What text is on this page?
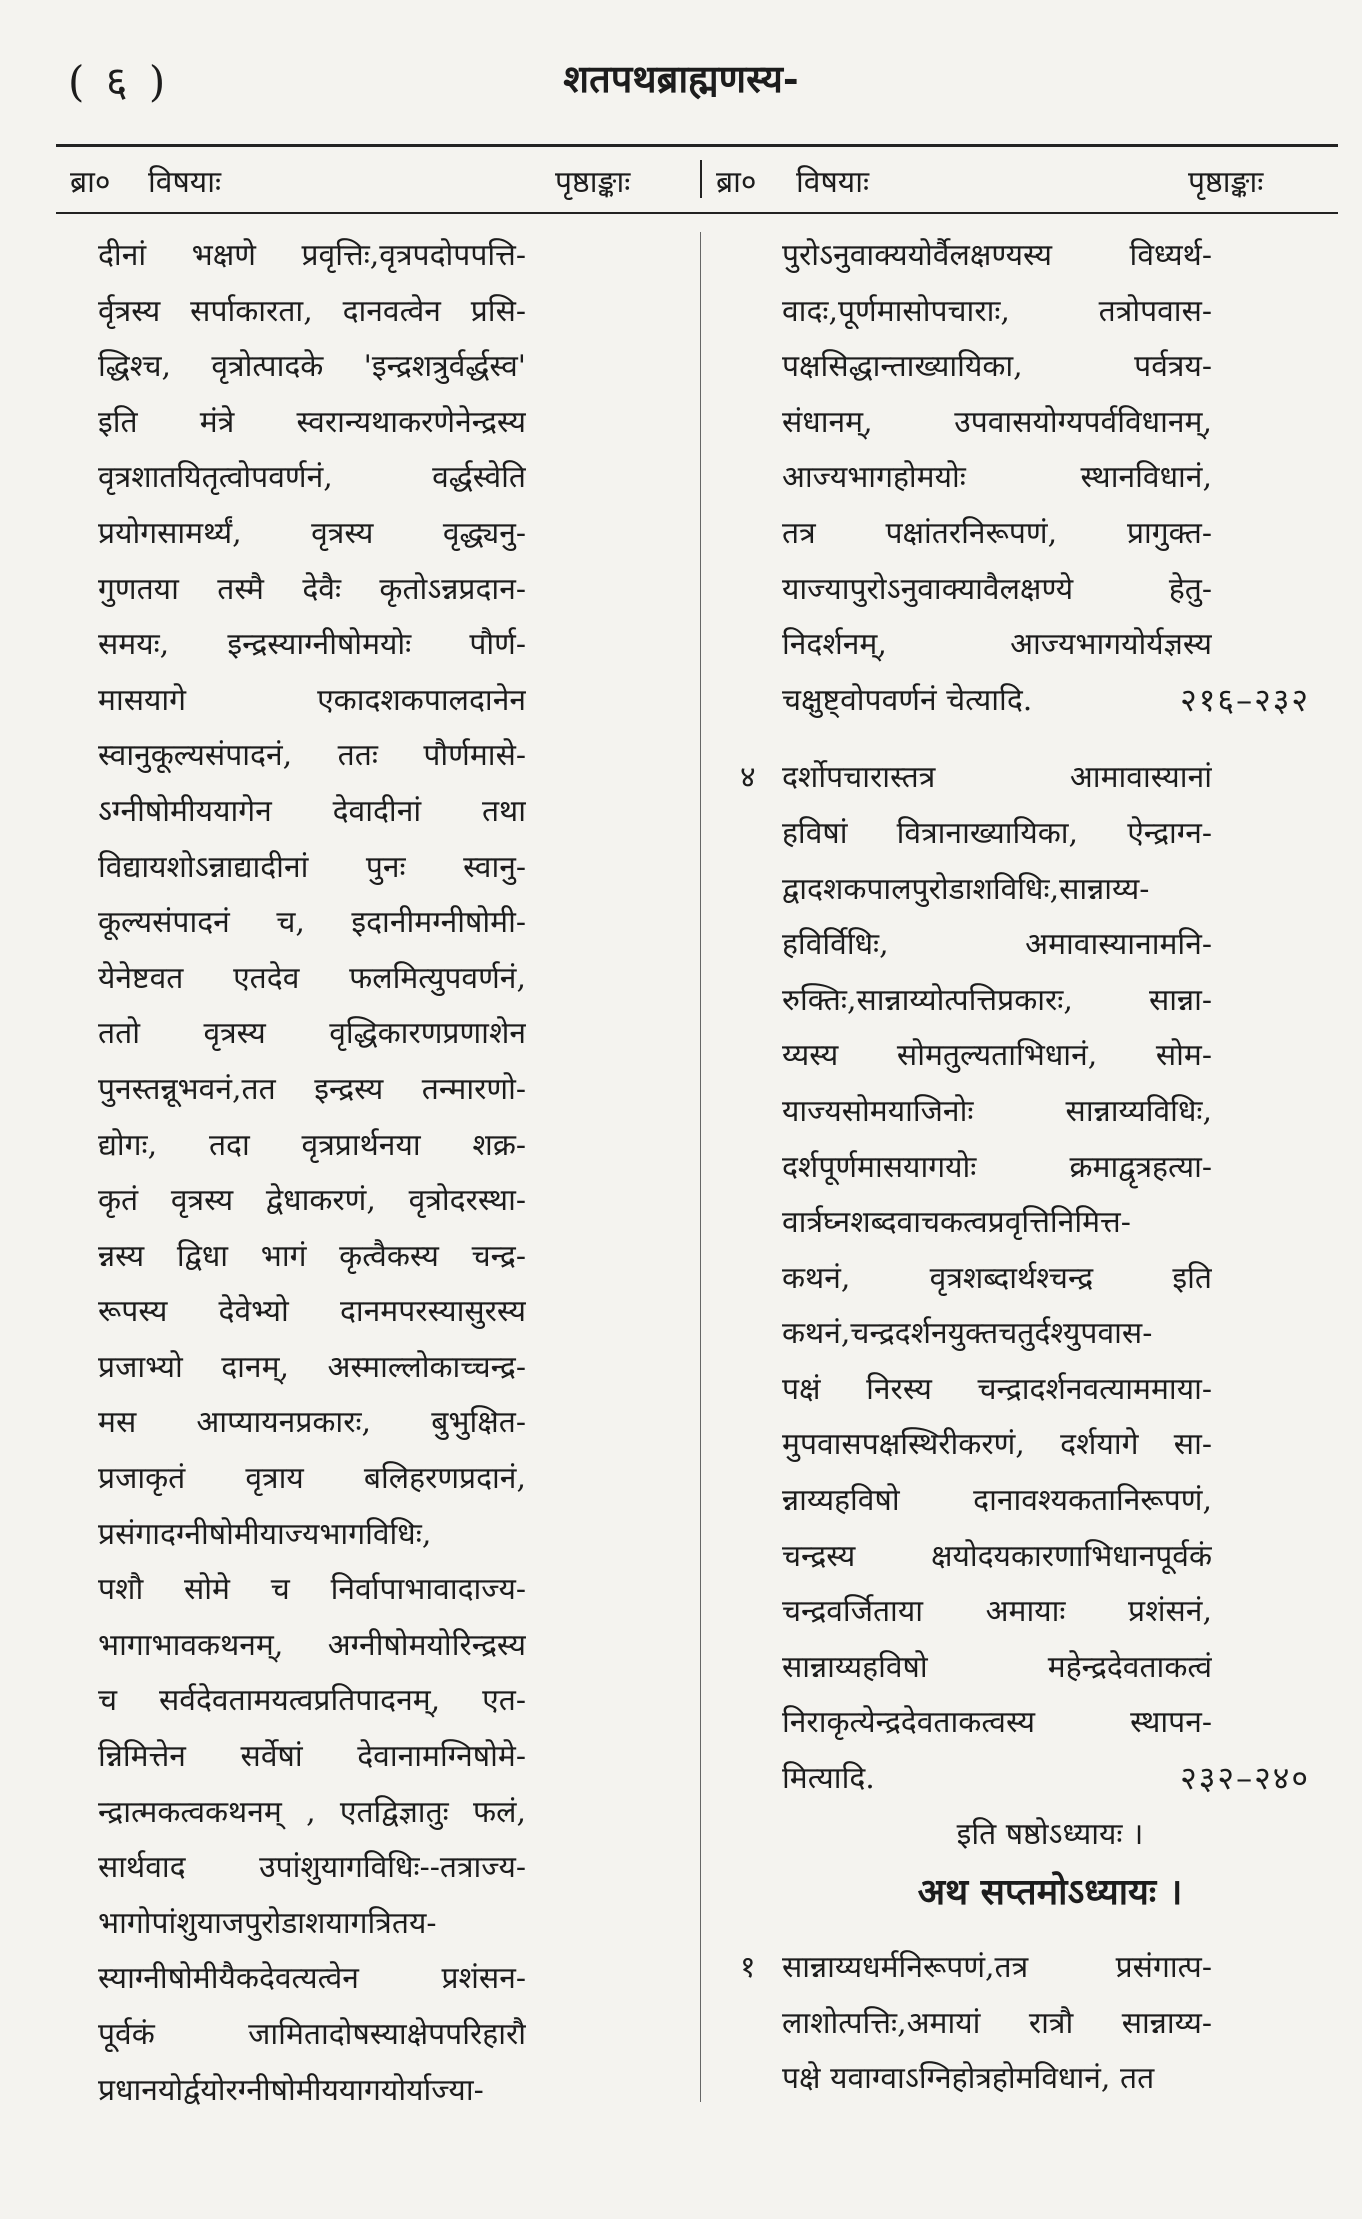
( ६ )	शतपथब्राह्मणस्य-
ब्रा० विषयाः	पृष्ठाङ्काः	ब्रा० विषयाः	पृष्ठाङ्काः
दीनां भक्षणे प्रवृत्तिः,वृत्रपदोपपत्ति-
र्वृत्रस्य सर्पाकारता, दानवत्वेन प्रसि-
द्धिश्च, वृत्रोत्पादके 'इन्द्रशत्रुर्वर्द्धस्व'
इति मंत्रे स्वरान्यथाकरणेनेन्द्रस्य
वृत्रशातयितृत्वोपवर्णनं, वर्द्धस्वेति
प्रयोगसामर्थ्यं, वृत्रस्य वृद्ध्यनु-
गुणतया तस्मै देवैः कृतोऽन्नप्रदान-
समयः, इन्द्रस्याग्नीषोमयोः पौर्ण-
मासयागे एकादशकपालदानेन
स्वानुकूल्यसंपादनं, ततः पौर्णमासे-
ऽग्नीषोमीययागेन देवादीनां तथा
विद्यायशोऽन्नाद्यादीनां पुनः स्वानु-
कूल्यसंपादनं च, इदानीमग्नीषोमी-
येनेष्टवत एतदेव फलमित्युपवर्णनं,
ततो वृत्रस्य वृद्धिकारणप्रणाशेन
पुनस्तन्नूभवनं,तत इन्द्रस्य तन्मारणो-
द्योगः, तदा वृत्रप्रार्थनया शक्र-
कृतं वृत्रस्य द्वेधाकरणं, वृत्रोदरस्था-
न्नस्य द्विधा भागं कृत्वैकस्य चन्द्र-
रूपस्य देवेभ्यो दानमपरस्यासुरस्य
प्रजाभ्यो दानम्, अस्माल्लोकाच्चन्द्र-
मस आप्यायनप्रकारः, बुभुक्षित-
प्रजाकृतं वृत्राय बलिहरणप्रदानं,
प्रसंगादग्नीषोमीयाज्यभागविधिः,
पशौ सोमे च निर्वापाभावादाज्य-
भागाभावकथनम्, अग्नीषोमयोरिन्द्रस्य
च सर्वदेवतामयत्वप्रतिपादनम्, एत-
न्निमित्तेन सर्वेषां देवानामग्निषोमे-
न्द्रात्मकत्वकथनम् , एतद्विज्ञातुः फलं,
सार्थवाद उपांशुयागविधिः--तत्राज्य-
भागोपांशुयाजपुरोडाशयागत्रितय-
स्याग्नीषोमीयैकदेवत्यत्वेन प्रशंसन-
पूर्वकं जामितादोषस्याक्षेपपरिहारौ
प्रधानयोर्द्वयोरग्नीषोमीययागयोर्याज्या-
पुरोऽनुवाक्ययोर्वैलक्षण्यस्य विध्यर्थ-
वादः,पूर्णमासोपचाराः, तत्रोपवास-
पक्षसिद्धान्ताख्यायिका, पर्वत्रय-
संधानम्, उपवासयोग्यपर्वविधानम्,
आज्यभागहोमयोः स्थानविधानं,
तत्र पक्षांतरनिरूपणं, प्रागुक्त-
याज्यापुरोऽनुवाक्यावैलक्षण्ये हेतु-
निदर्शनम्, आज्यभागयोर्यज्ञस्य
चक्षुष्ट्वोपवर्णनं चेत्यादि.	२१६–२३२
४ दर्शोपचारास्तत्र आमावास्यानां
हविषां वित्रानाख्यायिका, ऐन्द्राग्न-
द्वादशकपालपुरोडाशविधिः,सान्नाय्य-
हविर्विधिः, अमावास्यानामनि-
रुक्तिः,सान्नाय्योत्पत्तिप्रकारः, सान्ना-
य्यस्य सोमतुल्यताभिधानं, सोम-
याज्यसोमयाजिनोः सान्नाय्यविधिः,
दर्शपूर्णमासयागयोः क्रमाद्वृत्रहत्या-
वार्त्रघ्नशब्दवाचकत्वप्रवृत्तिनिमित्त-
कथनं, वृत्रशब्दार्थश्चन्द्र इति
कथनं,चन्द्रदर्शनयुक्तचतुर्दश्युपवास-
पक्षं निरस्य चन्द्रादर्शनवत्याममाया-
मुपवासपक्षस्थिरीकरणं, दर्शयागे सा-
न्नाय्यहविषो दानावश्यकतानिरूपणं,
चन्द्रस्य क्षयोदयकारणाभिधानपूर्वकं
चन्द्रवर्जिताया अमायाः प्रशंसनं,
सान्नाय्यहविषो महेन्द्रदेवताकत्वं
निराकृत्येन्द्रदेवताकत्वस्य स्थापन-
मित्यादि.	२३२–२४०
इति षष्ठोऽध्यायः ।
अथ सप्तमोऽध्यायः ।
१ सान्नाय्यधर्मनिरूपणं,तत्र प्रसंगात्प-
लाशोत्पत्तिः,अमायां रात्रौ सान्नाय्य-
पक्षे यवाग्वाऽग्निहोत्रहोमविधानं, तत
